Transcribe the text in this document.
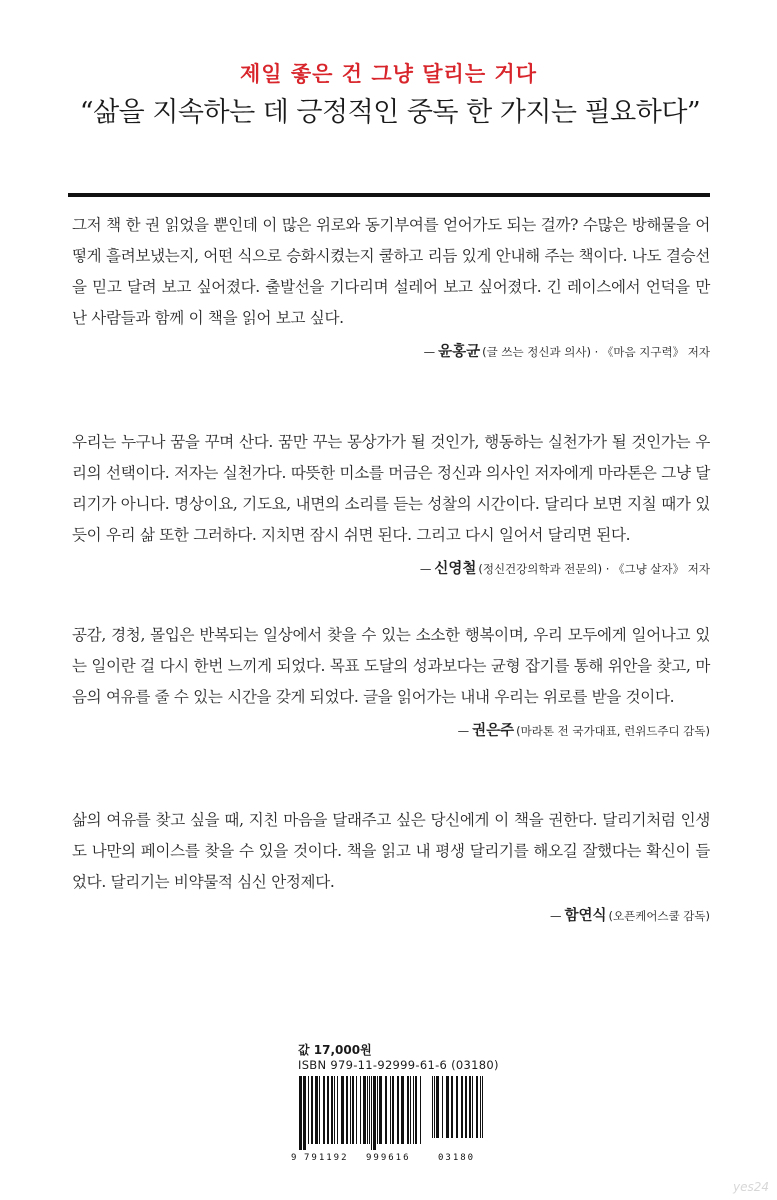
제일 좋은 건 그냥 달리는 거다
“삶을 지속하는 데 긍정적인 중독 한 가지는 필요하다”

그저 책 한 권 읽었을 뿐인데 이 많은 위로와 동기부여를 얻어가도 되는 걸까? 수많은 방해물을 어떻게 흘려보냈는지, 어떤 식으로 승화시켰는지 쿨하고 리듬 있게 안내해 주는 책이다. 나도 결승선을 믿고 달려 보고 싶어졌다. 출발선을 기다리며 설레어 보고 싶어졌다. 긴 레이스에서 언덕을 만난 사람들과 함께 이 책을 읽어 보고 싶다.

— 윤홍균 (글 쓰는 정신과 의사) · 《마음 지구력》 저자

우리는 누구나 꿈을 꾸며 산다. 꿈만 꾸는 몽상가가 될 것인가, 행동하는 실천가가 될 것인가는 우리의 선택이다. 저자는 실천가다. 따뜻한 미소를 머금은 정신과 의사인 저자에게 마라톤은 그냥 달리기가 아니다. 명상이요, 기도요, 내면의 소리를 듣는 성찰의 시간이다. 달리다 보면 지칠 때가 있듯이 우리 삶 또한 그러하다. 지치면 잠시 쉬면 된다. 그리고 다시 일어서 달리면 된다.

— 신영철 (정신건강의학과 전문의) · 《그냥 살자》 저자

공감, 경청, 몰입은 반복되는 일상에서 찾을 수 있는 소소한 행복이며, 우리 모두에게 일어나고 있는 일이란 걸 다시 한번 느끼게 되었다. 목표 도달의 성과보다는 균형 잡기를 통해 위안을 찾고, 마음의 여유를 줄 수 있는 시간을 갖게 되었다. 글을 읽어가는 내내 우리는 위로를 받을 것이다.

— 권은주 (마라톤 전 국가대표, 런위드주디 감독)

삶의 여유를 찾고 싶을 때, 지친 마음을 달래주고 싶은 당신에게 이 책을 권한다. 달리기처럼 인생도 나만의 페이스를 찾을 수 있을 것이다. 책을 읽고 내 평생 달리기를 해오길 잘했다는 확신이 들었다. 달리기는 비약물적 심신 안정제다.

— 함연식 (오픈케어스쿨 감독)
값 17,000원
ISBN 979-11-92999-61-6 (03180)
9 791192 999616	03180
yes24
